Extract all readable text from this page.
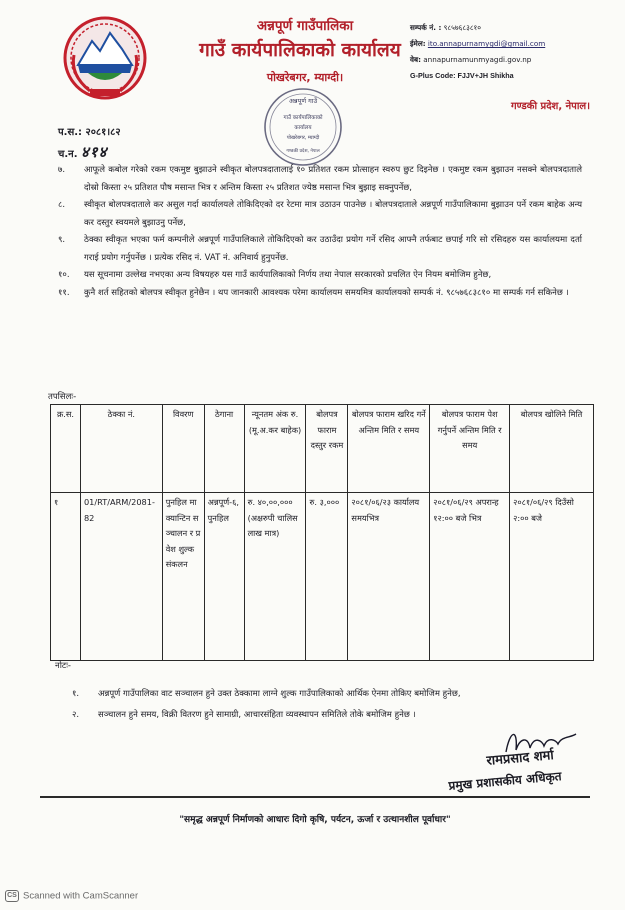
अन्नपूर्ण गाउँपालिका
गाउँ कार्यपालिकाको कार्यालय
पोखरेबगर, म्याग्दी।
सम्पर्क नं. : ९८५७६८३८१०
ईमेल: ito.annapurnamygdi@gmail.com
वेब: annapurnamunmyagdi.gov.np
G-Plus Code: FJJV+JH Shikha
गण्डकी प्रदेश, नेपाल।
अन्नपूर्ण गाउँ
गाउँ कार्यपालिकाको
कार्यालय
पोखरेबगर, म्याग्दी
गण्डकी प्रदेश, नेपाल
प.स.: २०८१।८२
च.न. ४१४
७.	आफूले कबोल गरेको रकम एकमुष्ट बुझाउने स्वीकृत बोलपत्रदातालाई १० प्रतिशत रकम प्रोत्साहन स्वरुप छुट दिइनेछ । एकमुष्ट रकम बुझाउन नसक्ने बोलपत्रदाताले दोस्रो किस्ता २५ प्रतिशत पौष मसान्त भित्र र अन्तिम किस्ता २५ प्रतिशत ज्येष्ठ मसान्त भित्र बुझाइ सक्नुपर्नेछ,
८.	स्वीकृत बोलपत्रदाताले कर असुल गर्दा कार्यालयले तोकिदिएको दर रेटमा मात्र उठाउन पाउनेछ । बोलपत्रदाताले अन्नपूर्ण गाउँपालिकामा बुझाउन पर्ने रकम बाहेक अन्य कर दस्तुर स्वयमले बुझाउनु पर्नेछ,
९.	ठेक्का स्वीकृत भएका फर्म कम्पनीले अन्नपूर्ण गाउँपालिकाले तोकिदिएको कर उठाउँदा प्रयोग गर्ने रसिद आफ्नै तर्फबाट छपाई गरि सो रसिदहरु यस कार्यालयमा दर्ता गराई प्रयोग गर्नुपर्नेछ । प्रत्येक रसिद नं. VAT नं. अनिवार्य हुनुपर्नेछ.
१०.	यस सूचनामा उल्लेख नभएका अन्य विषयहरु यस गाउँ कार्यपालिकाको निर्णय तथा नेपाल सरकारको प्रचलित ऐन नियम बमोजिम हुनेछ,
११.	कुनै शर्त सहितको बोलपत्र स्वीकृत हुनेछैन । थप जानकारी आवश्यक परेमा कार्यालयम समयमित्र कार्यालयको सम्पर्क नं. ९८५७६८३८१० मा सम्पर्क गर्न सकिनेछ ।
तपसिलः-
क्र.स.	ठेक्का नं.	विवरण	ठेगाना	न्यूनतम अंक रु. (मू.अ.कर बाहेक)	बोलपत्र फाराम दस्तुर रकम	बोलपत्र फाराम खरिद गर्ने अन्तिम मिति र समय	बोलपत्र फाराम पेश गर्नुपर्ने अन्तिम मिति र समय	बोलपत्र खोलिने मिति
१	01/RT/ARM/2081-82	पुनहिल मा क्यान्टिन सञ्चालन र प्रवेश शुल्क संकलन	अन्नपूर्ण-६, पुनहिल	रु. ४०,००,००० (अक्षरुपी चालिस लाख मात्र)	रु. ३,०००	२०८१/०६/२३ कार्यालय समयभित्र	२०८१/०६/२९ अपरान्ह १२:०० बजे भित्र	२०८१/०६/२९ दिउँसो २:०० बजे
नोटः-
१.	अन्नपूर्ण गाउँपालिका वाट सञ्चालन हुने उक्त ठेक्कामा लाग्ने शुल्क गाउँपालिकाको आर्थिक ऐनमा तोकिए बमोजिम हुनेछ,
२.	सञ्चालन हुने समय, विक्री वितरण हुने सामाग्री, आचारसंहिता व्यवस्थापन समितिले तोके बमोजिम हुनेछ ।
रामप्रसाद शर्मा
प्रमुख प्रशासकीय अधिकृत
"समृद्ध अन्नपूर्ण निर्माणको आधारः दिगो कृषि, पर्यटन, ऊर्जा र उत्थानशील पूर्वाधार"
CS Scanned with CamScanner
